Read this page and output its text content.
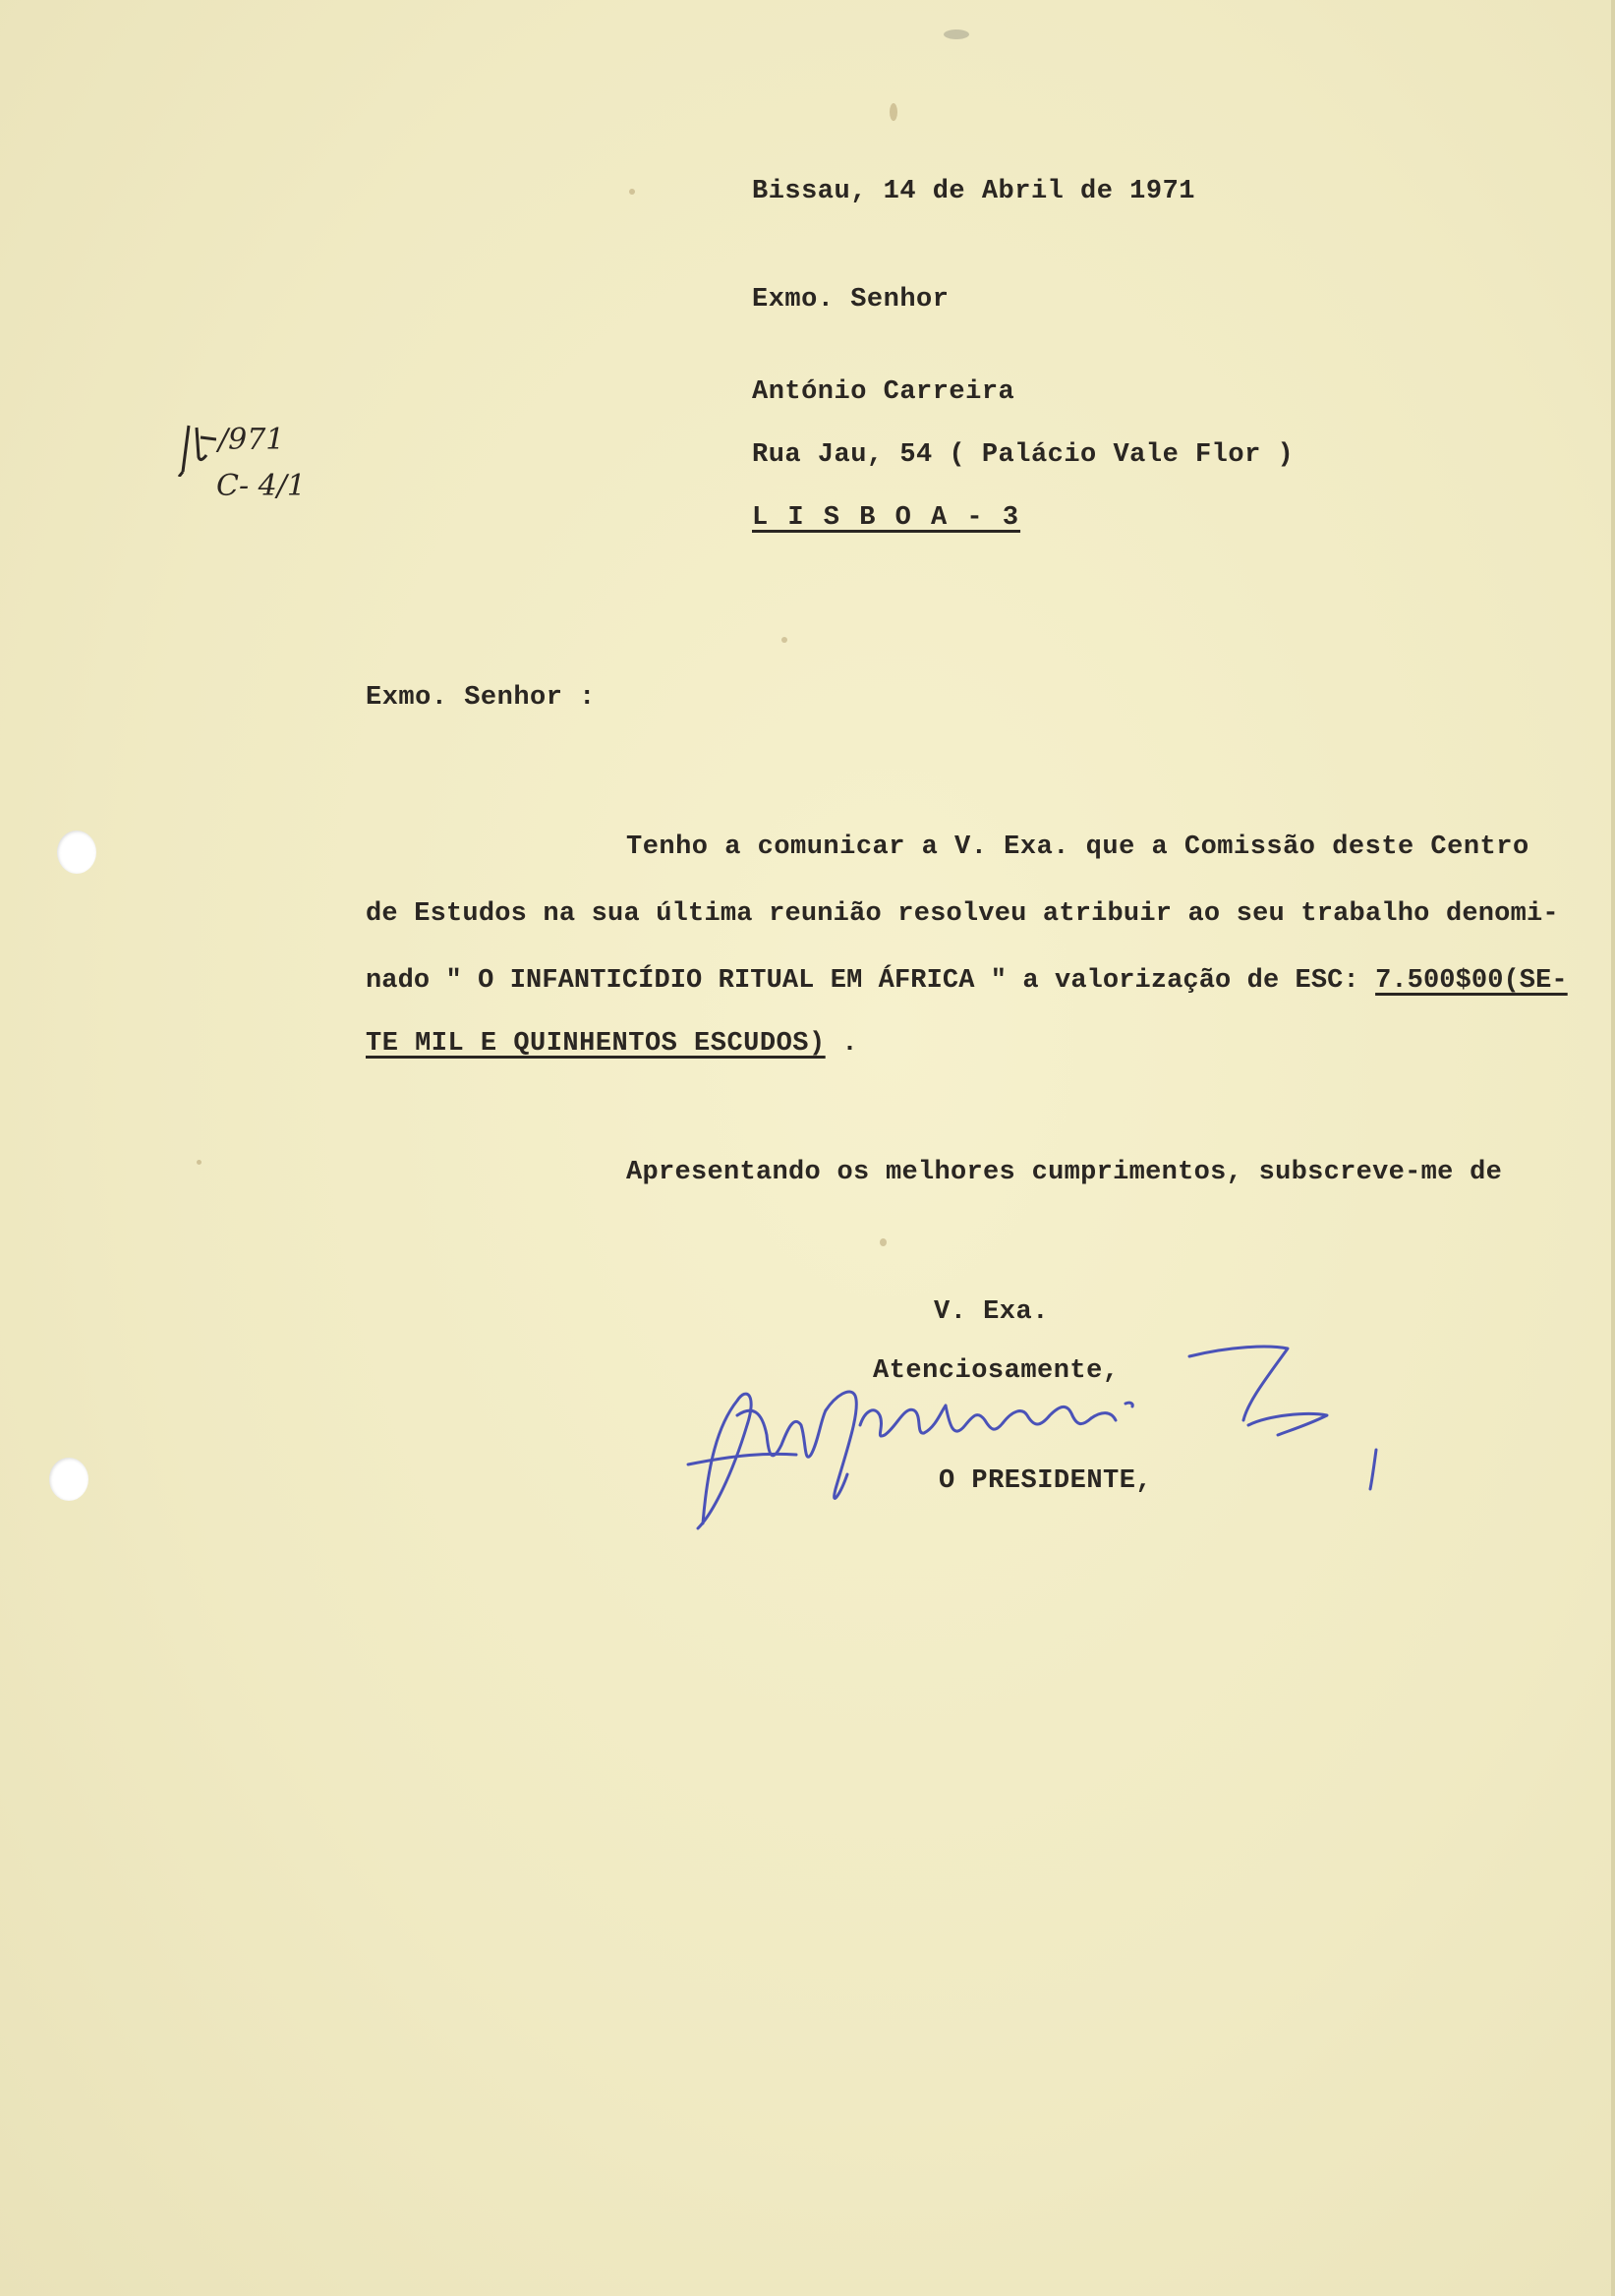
Bissau, 14 de Abril de 1971
Exmo. Senhor
António Carreira
Rua Jau, 54 ( Palácio Vale Flor )
L I S B O A - 3
/971
C- 4/1
Exmo. Senhor :
Tenho a comunicar a V. Exa. que a Comissão deste Centro
de Estudos na sua última reunião resolveu atribuir ao seu trabalho denomi-
nado " O INFANTICÍDIO RITUAL EM ÁFRICA " a valorização de ESC: 7.500$00(SE-
TE MIL E QUINHENTOS ESCUDOS) .
Apresentando os melhores cumprimentos, subscreve-me de
V. Exa.
Atenciosamente,
O PRESIDENTE,
